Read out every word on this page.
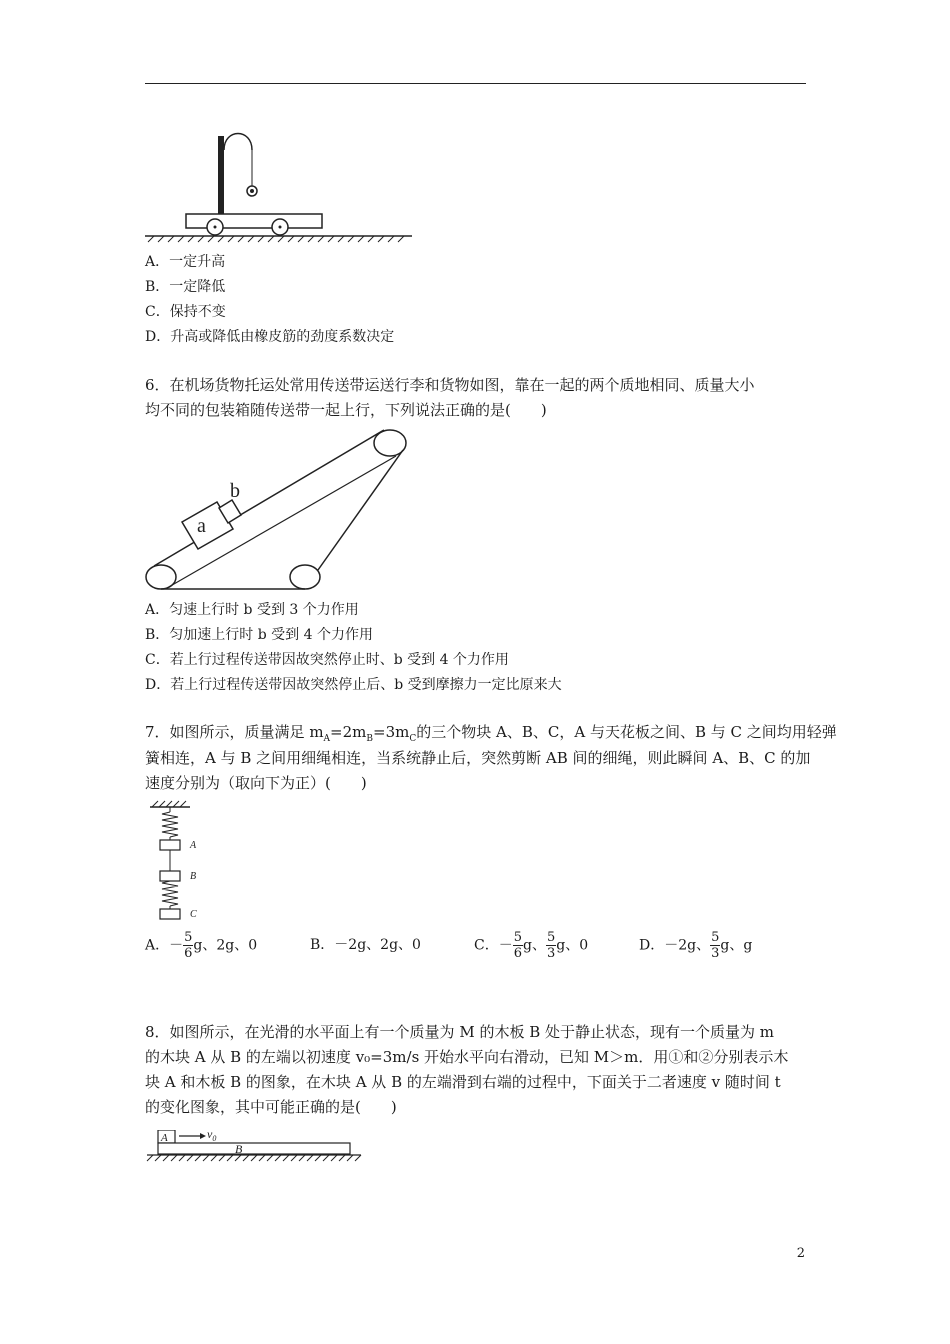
A．一定升高
B．一定降低
C．保持不变
D．升高或降低由橡皮筋的劲度系数决定
6．在机场货物托运处常用传送带运送行李和货物如图，靠在一起的两个质地相同、质量大小
均不同的包装箱随传送带一起上行，下列说法正确的是(　　)
a
b
A．匀速上行时 b 受到 3 个力作用
B．匀加速上行时 b 受到 4 个力作用
C．若上行过程传送带因故突然停止时、b 受到 4 个力作用
D．若上行过程传送带因故突然停止后、b 受到摩擦力一定比原来大
7．如图所示，质量满足 $m_A=2m_B=3m_C$的三个物块 A、B、C，A 与天花板之间、B 与 C 之间均用轻弹
簧相连，A 与 B 之间用细绳相连，当系统静止后，突然剪断 AB 间的细绳，则此瞬间 A、B、C 的加
速度分别为（取向下为正）(　　)
A
B
C
A．－ $\frac{5}{6}$ g、2g、0	B．－2g、2g、0	C．－ $\frac{5}{6}$ g、 $\frac{5}{3}$ g、0	D．－2g、 $\frac{5}{3}$ g、g
8．如图所示，在光滑的水平面上有一个质量为 M 的木板 B 处于静止状态，现有一个质量为 m
的木块 A 从 B 的左端以初速度 v₀=3m/s 开始水平向右滑动，已知 M＞m．用①和②分别表示木
块 A 和木板 B 的图象，在木块 A 从 B 的左端滑到右端的过程中，下面关于二者速度 v 随时间 t
的变化图象，其中可能正确的是(　　)
A
B
$v_0$
2
